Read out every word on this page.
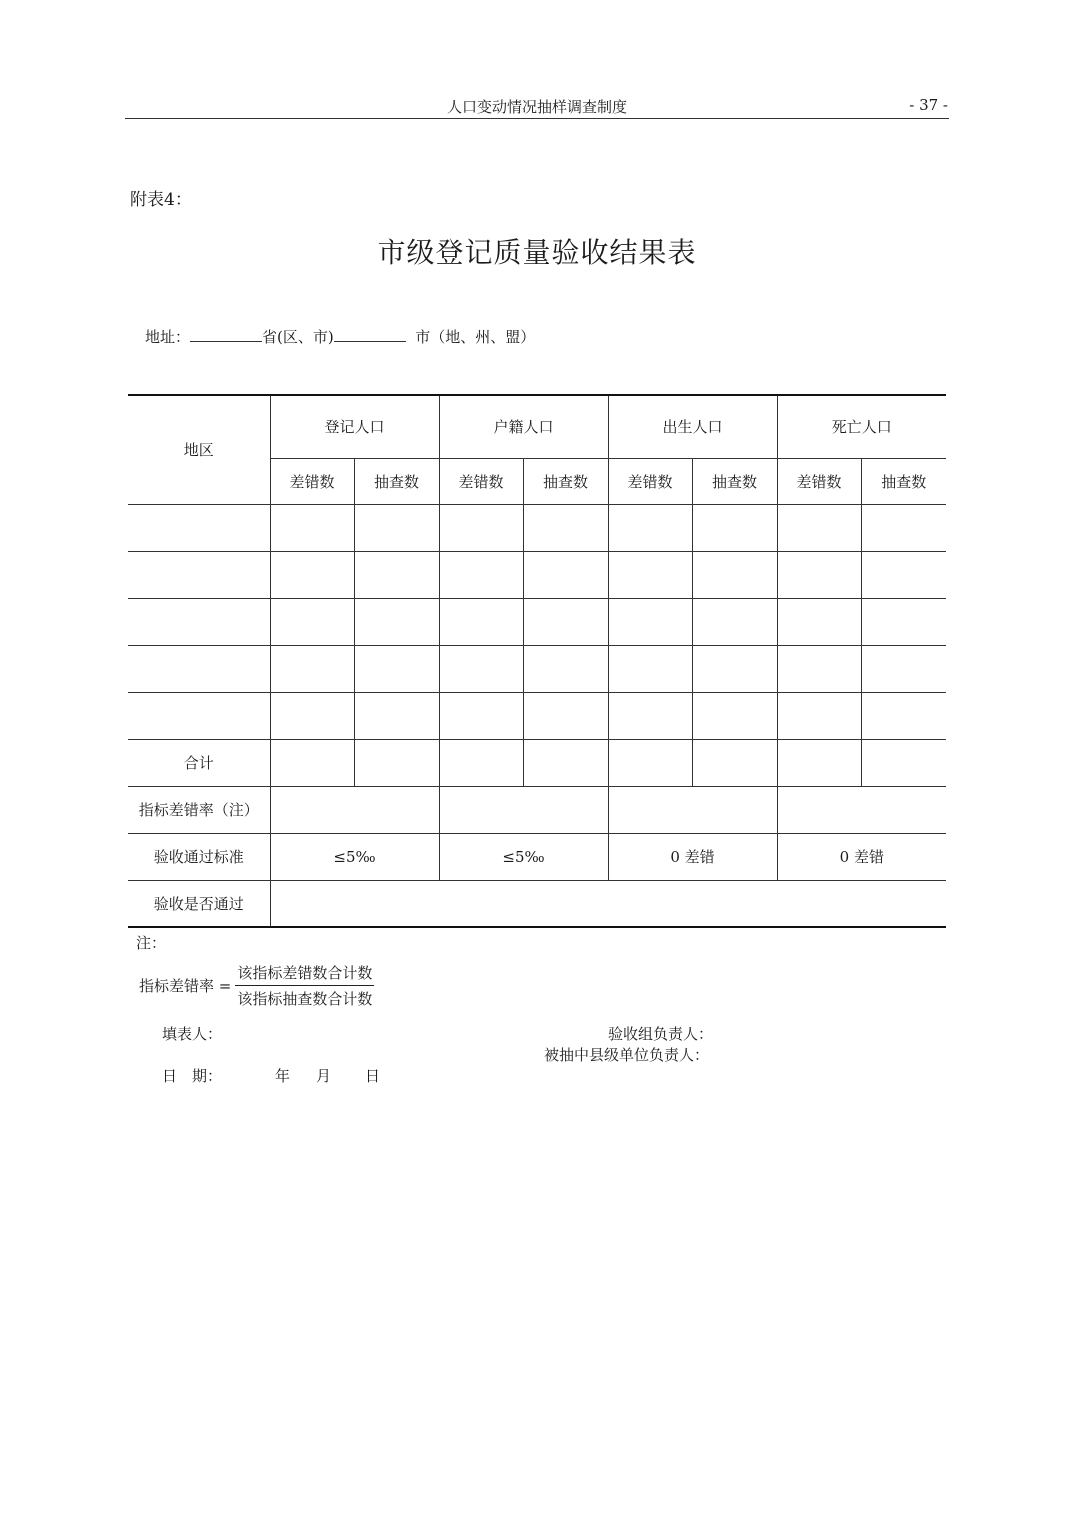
人口变动情况抽样调查制度	- 37 -
附表4：
市级登记质量验收结果表
地址：	省(区、市)	市（地、州、盟）
地区	登记人口		户籍人口		出生人口		死亡人口	
	差错数	抽查数	差错数	抽查数	差错数	抽查数	差错数	抽查数

合计								
指标差错率（注）								
验收通过标准	≤5‰		≤5‰		0 差错		0 差错	
验收是否通过								
注：
指标差错率 = $\frac{\text{该指标差错数合计数}}{\text{该指标抽查数合计数}}$
填表人：
日　期：	年 月 日
验收组负责人：
被抽中县级单位负责人：
